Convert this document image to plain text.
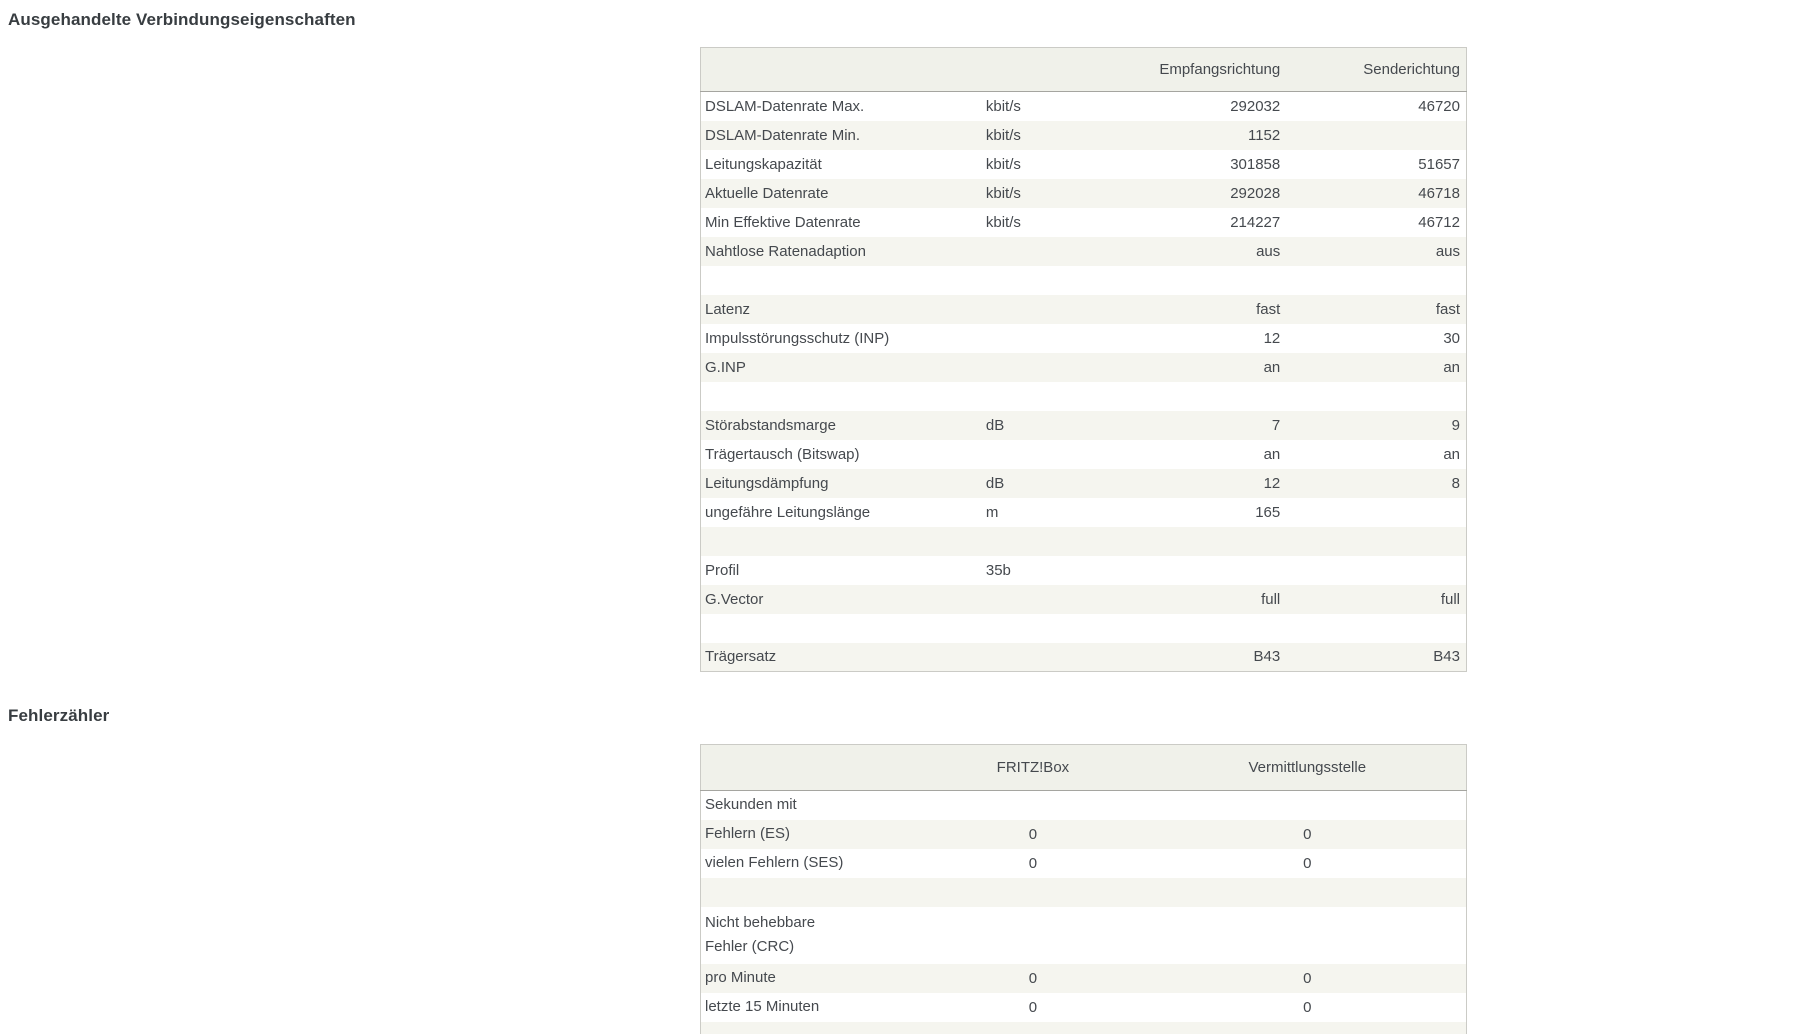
Ausgehandelte Verbindungseigenschaften
		Empfangsrichtung	Senderichtung
DSLAM-Datenrate Max.	kbit/s	292032	46720
DSLAM-Datenrate Min.	kbit/s	1152	
Leitungskapazität	kbit/s	301858	51657
Aktuelle Datenrate	kbit/s	292028	46718
Min Effektive Datenrate	kbit/s	214227	46712
Nahtlose Ratenadaption		aus	aus

Latenz		fast	fast
Impulsstörungsschutz (INP)		12	30
G.INP		an	an

Störabstandsmarge	dB	7	9
Trägertausch (Bitswap)		an	an
Leitungsdämpfung	dB	12	8
ungefähre Leitungslänge	m	165	

Profil	35b		
G.Vector		full	full

Trägersatz		B43	B43
Fehlerzähler
	FRITZ!Box	Vermittlungsstelle	
Sekunden mit			
Fehlern (ES)	0	0	
vielen Fehlern (SES)	0	0	

Nicht behebbare Fehler (CRC)			
pro Minute	0	0	
letzte 15 Minuten	0	0	
